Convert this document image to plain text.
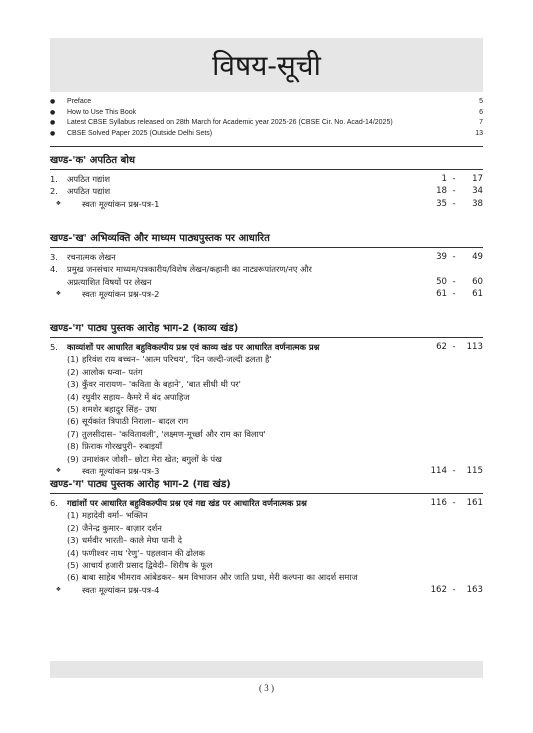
विषय-सूची
●	Preface	5
●	How to Use This Book	6
●	Latest CBSE Syllabus released on 28th March for Academic year 2025-26 (CBSE Cir. No. Acad-14/2025)	7
●	CBSE Solved Paper 2025 (Outside Delhi Sets)	13
खण्ड-'क' अपठित बोध
1.	अपठित गद्यांश	1 -	17
2.	अपठित पद्यांश	18 -	34
❖	स्वतः मूल्यांकन प्रश्न-पत्र-1	35 -	38
खण्ड-'ख' अभिव्यक्ति और माध्यम पाठ्यपुस्तक पर आधारित
3.	रचनात्मक लेखन	39 -	49
4.	प्रमुख जनसंचार माध्यम/पत्रकारीय/विशेष लेखन/कहानी का नाट्यरूपांतरण/नए और
अप्रत्याशित विषयों पर लेखन	50 -	60
❖	स्वतः मूल्यांकन प्रश्न-पत्र-2	61 -	61
खण्ड-'ग' पाठ्य पुस्तक आरोह भाग-2 (काव्य खंड)
5.	काव्यांशों पर आधारित बहुविकल्पीय प्रश्न एवं काव्य खंड पर आधारित वर्णनात्मक प्रश्न	62 -	113
(1) हरिवंश राय बच्चन– 'आत्म परिचय', 'दिन जल्दी-जल्दी ढलता है'
(2) आलोक धन्वा– पतंग
(3) कुँवर नारायण– 'कविता के बहाने', 'बात सीधी थी पर'
(4) रघुवीर सहाय– कैमरे में बंद अपाहिज
(5) शमशेर बहादुर सिंह– उषा
(6) सूर्यकांत त्रिपाठी निराला– बादल राग
(7) तुलसीदास– 'कवितावली', 'लक्ष्मण-मूर्च्छा और राम का विलाप'
(8) फ़िराक गोरखपुरी– रुबाइयाँ
(9) उमाशंकर जोशी– छोटा मेरा खेत; बगुलों के पंख
❖	स्वतः मूल्यांकन प्रश्न-पत्र-3	114 -	115
खण्ड-'ग' पाठ्य पुस्तक आरोह भाग-2 (गद्य खंड)
6.	गद्यांशों पर आधारित बहुविकल्पीय प्रश्न एवं गद्य खंड पर आधारित वर्णनात्मक प्रश्न	116 -	161
(1) महादेवी वर्मा– भक्तिन
(2) जैनेन्द्र कुमार– बाज़ार दर्शन
(3) धर्मवीर भारती– काले मेघा पानी दे
(4) फणीश्वर नाथ 'रेणु'– पहलवान की ढोलक
(5) आचार्य हजारी प्रसाद द्विवेदी– शिरीष के फूल
(6) बाबा साहेब भीमराव आंबेडकर– श्रम विभाजन और जाति प्रथा, मेरी कल्पना का आदर्श समाज
❖	स्वतः मूल्यांकन प्रश्न-पत्र-4	162 -	163
( 3 )
